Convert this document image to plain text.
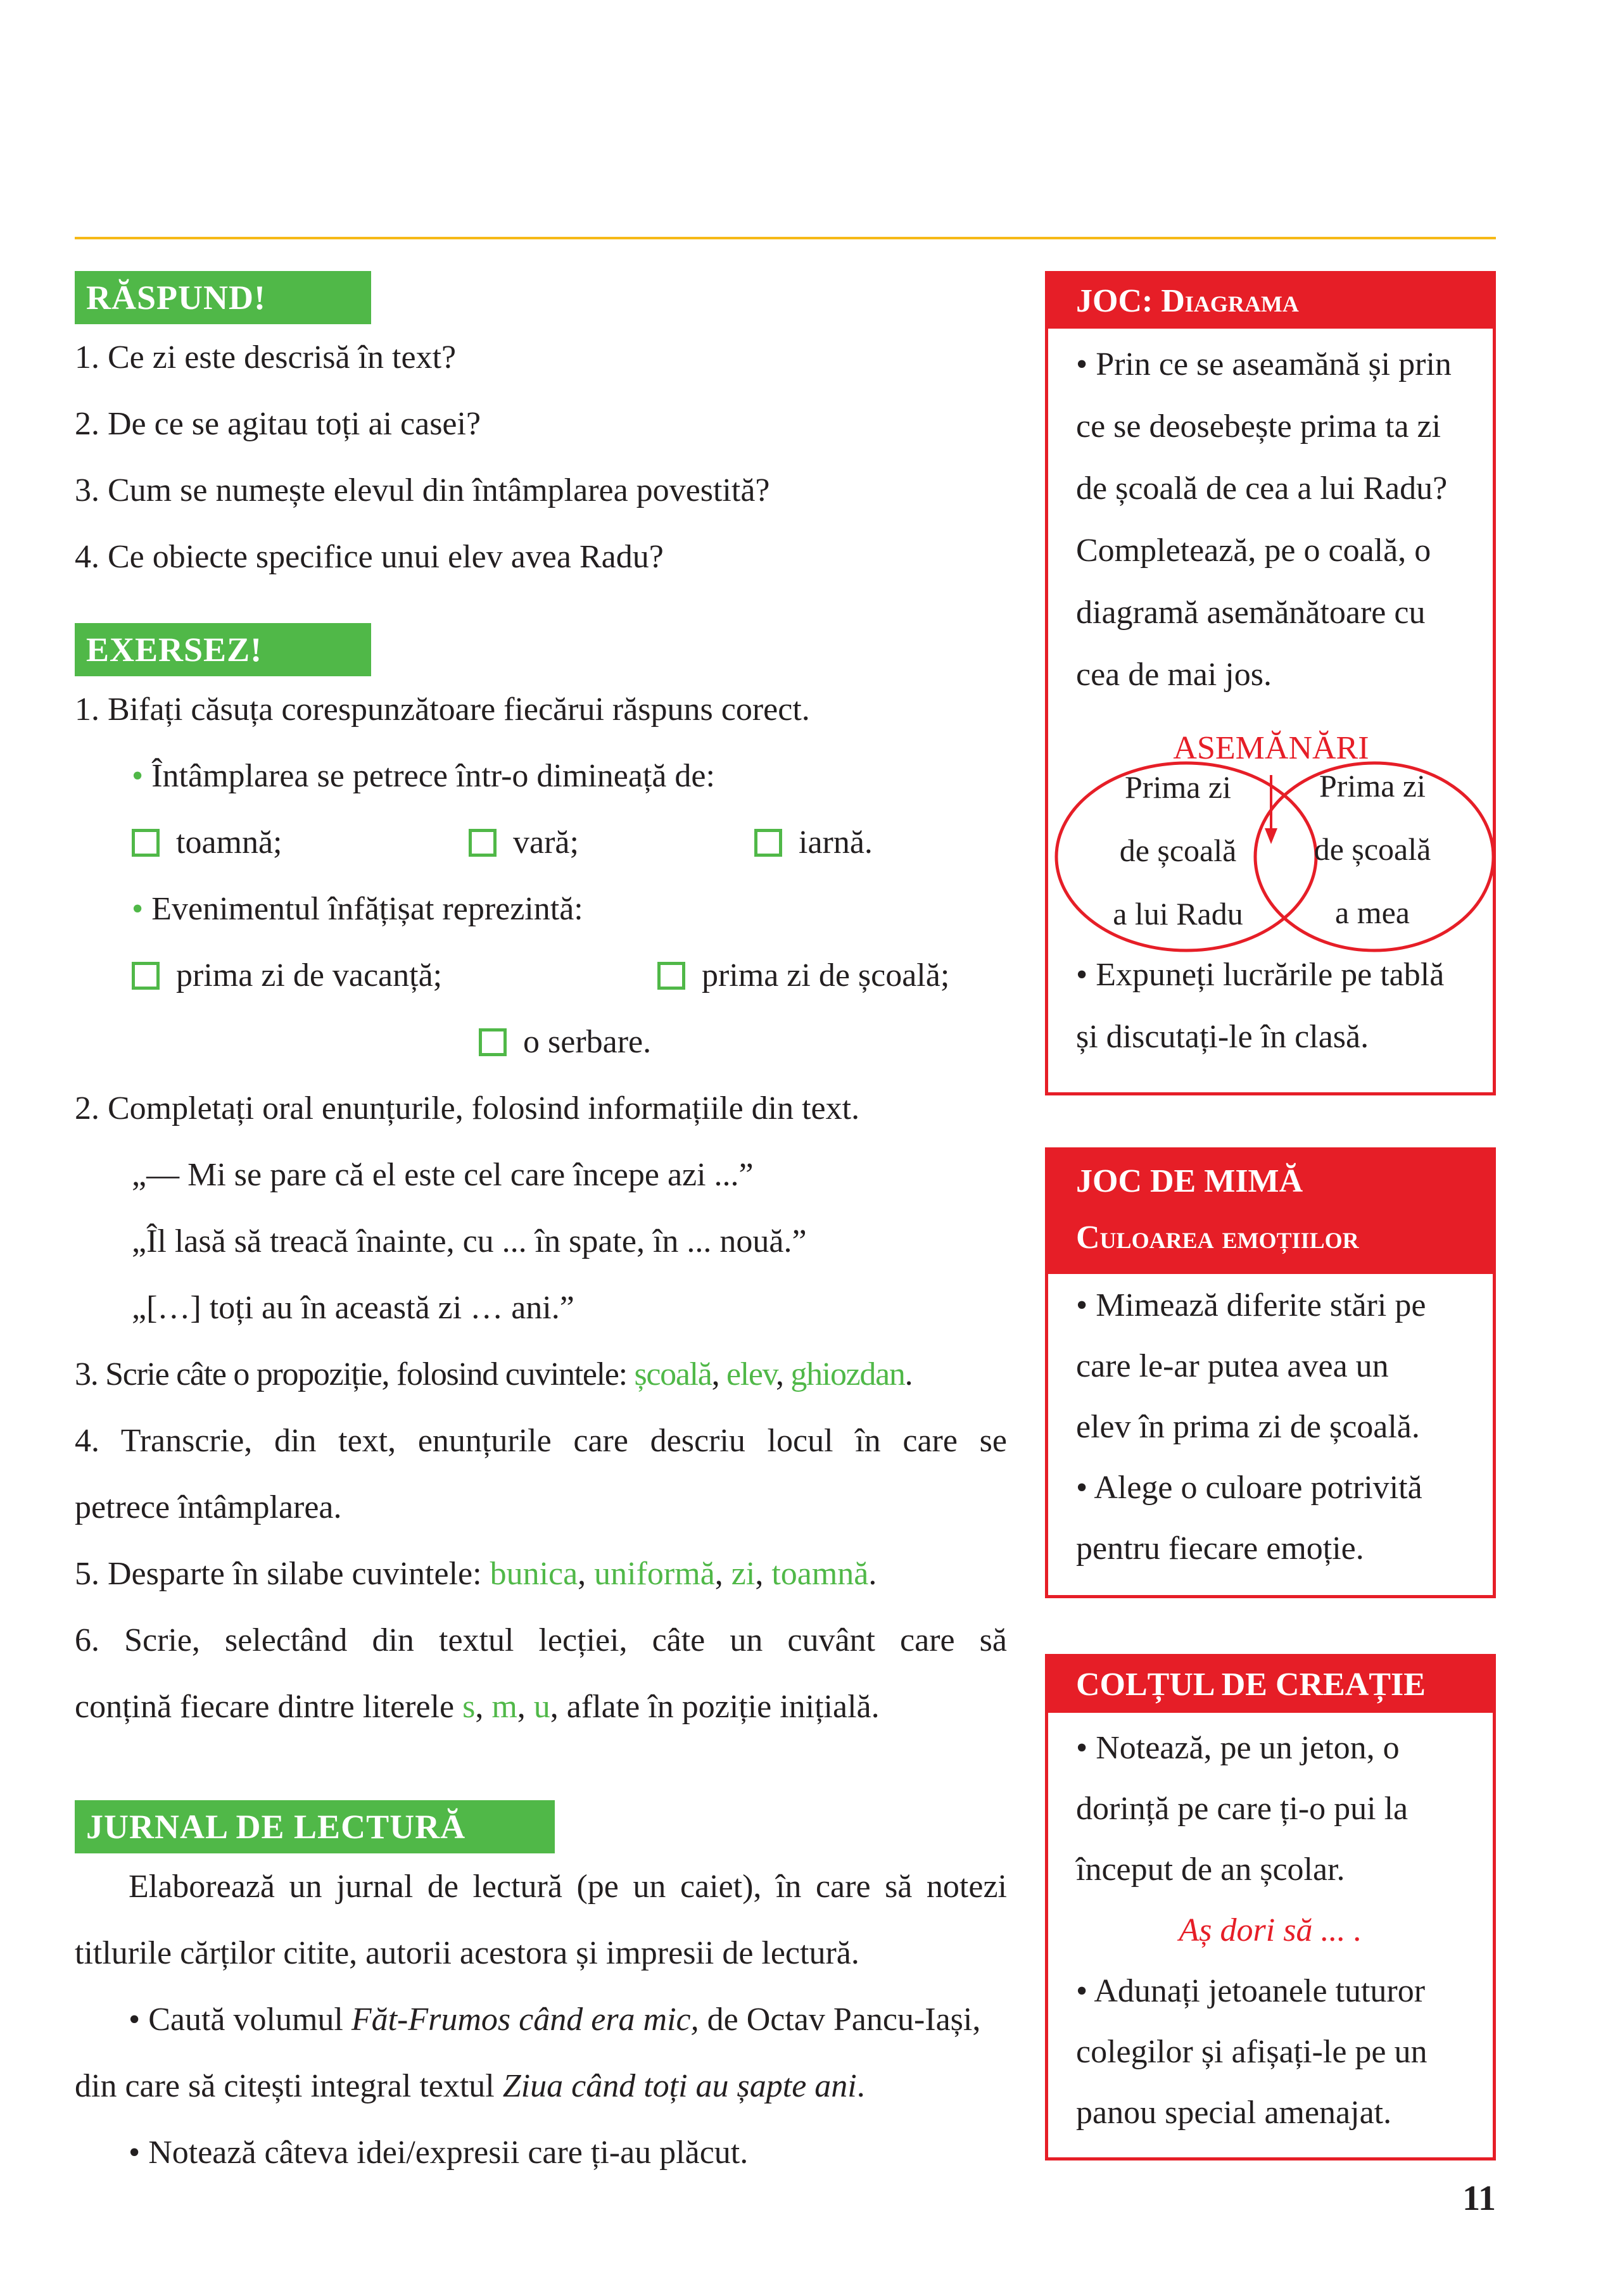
RĂSPUND!
1. Ce zi este descrisă în text?
2. De ce se agitau toți ai casei?
3. Cum se numește elevul din întâmplarea povestită?
4. Ce obiecte specifice unui elev avea Radu?
EXERSEZ!
1. Bifați căsuța corespunzătoare fiecărui răspuns corect.
• Întâmplarea se petrece într-o dimineață de:
toamnă;	vară;	iarnă.
• Evenimentul înfățișat reprezintă:
prima zi de vacanță;	prima zi de școală;
o serbare.
2. Completați oral enunțurile, folosind informațiile din text.
„— Mi se pare că el este cel care începe azi ...”
„Îl lasă să treacă înainte, cu ... în spate, în ... nouă.”
„[…] toți au în această zi … ani.”
3. Scrie câte o propoziție, folosind cuvintele: școală, elev, ghiozdan.
4. Transcrie, din text, enunțurile care descriu locul în care se
petrece întâmplarea.
5. Desparte în silabe cuvintele: bunica, uniformă, zi, toamnă.
6. Scrie, selectând din textul lecției, câte un cuvânt care să
conțină fiecare dintre literele s, m, u, aflate în poziție inițială.
JURNAL DE LECTURĂ
Elaborează un jurnal de lectură (pe un caiet), în care să notezi
titlurile cărților citite, autorii acestora și impresii de lectură.
• Caută volumul Făt-Frumos când era mic, de Octav Pancu-Iași,
din care să citești integral textul Ziua când toți au șapte ani.
• Notează câteva idei/expresii care ți-au plăcut.
JOC: Diagrama
• Prin ce se aseamănă și prin
ce se deosebește prima ta zi
de școală de cea a lui Radu?
Completează, pe o coală, o
diagramă asemănătoare cu
cea de mai jos.
ASEMĂNĂRI
Prima zi
de școală
a lui Radu
Prima zi
de școală
a mea
• Expuneți lucrările pe tablă
și discutați-le în clasă.
JOC DE MIMĂ
Culoarea emoțiilor
• Mimează diferite stări pe
care le-ar putea avea un
elev în prima zi de școală.
• Alege o culoare potrivită
pentru fiecare emoție.
COLȚUL DE CREAȚIE
• Notează, pe un jeton, o
dorință pe care ți-o pui la
început de an școlar.
Aș dori să ... .
• Adunați jetoanele tuturor
colegilor și afișați-le pe un
panou special amenajat.
11
